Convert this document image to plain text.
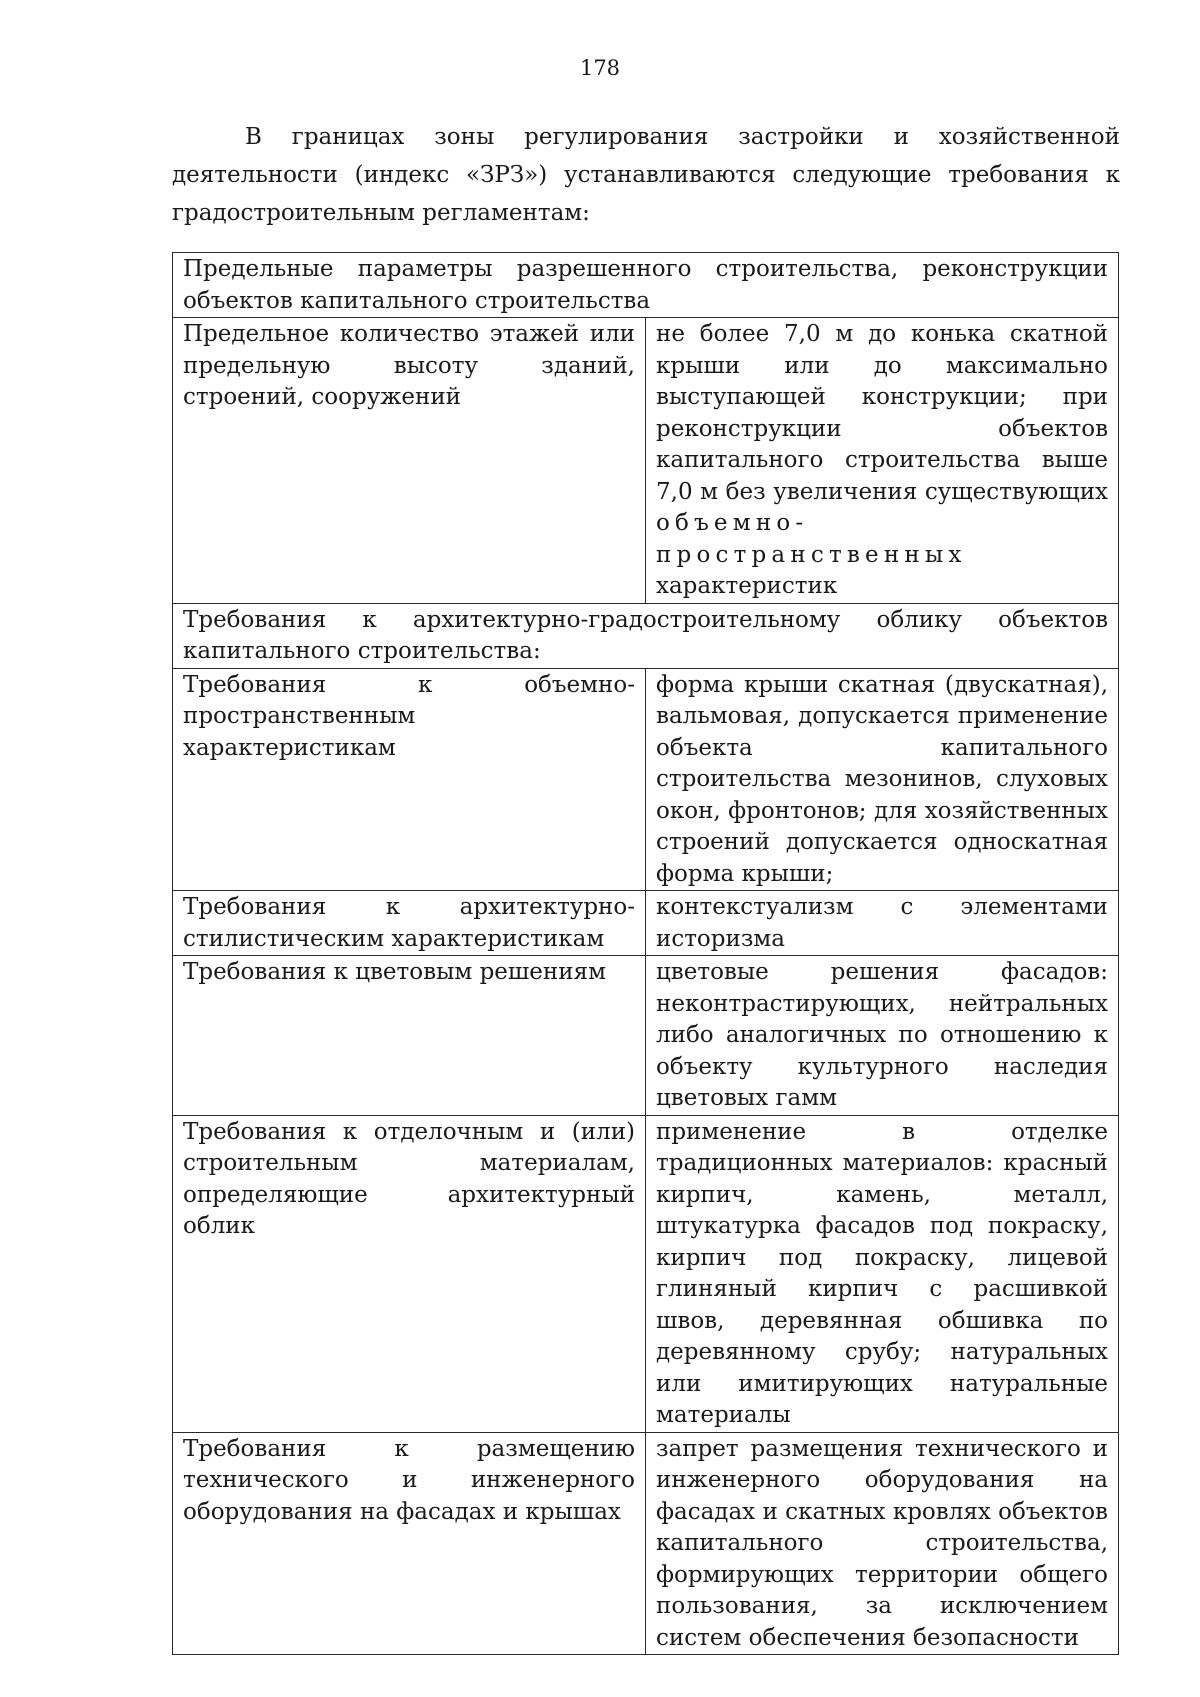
178

В границах зоны регулирования застройки и хозяйственной деятельности (индекс «ЗРЗ») устанавливаются следующие требования к градостроительным регламентам:

Предельные параметры разрешенного строительства, реконструкции объектов капитального строительства	
Предельное количество этажей или предельную высоту зданий, строений, сооружений	не более 7,0 м до конька скатной крыши или до максимально выступающей конструкции; при реконструкции объектов капитального строительства выше 7,0 м без увеличения существующих объемно-пространственных характеристик
Требования к архитектурно-градостроительному облику объектов капитального строительства:	
Требования к объемно-пространственным характеристикам	форма крыши скатная (двускатная), вальмовая, допускается применение объекта капитального строительства мезонинов, слуховых окон, фронтонов; для хозяйственных строений допускается односкатная форма крыши;
Требования к архитектурно-стилистическим характеристикам	контекстуализм с элементами историзма
Требования к цветовым решениям	цветовые решения фасадов: неконтрастирующих, нейтральных либо аналогичных по отношению к объекту культурного наследия цветовых гамм
Требования к отделочным и (или) строительным материалам, определяющие архитектурный облик	применение в отделке традиционных материалов: красный кирпич, камень, металл, штукатурка фасадов под покраску, кирпич под покраску, лицевой глиняный кирпич с расшивкой швов, деревянная обшивка по деревянному срубу; натуральных или имитирующих натуральные материалы
Требования к размещению технического и инженерного оборудования на фасадах и крышах	запрет размещения технического и инженерного оборудования на фасадах и скатных кровлях объектов капитального строительства, формирующих территории общего пользования, за исключением систем обеспечения безопасности
